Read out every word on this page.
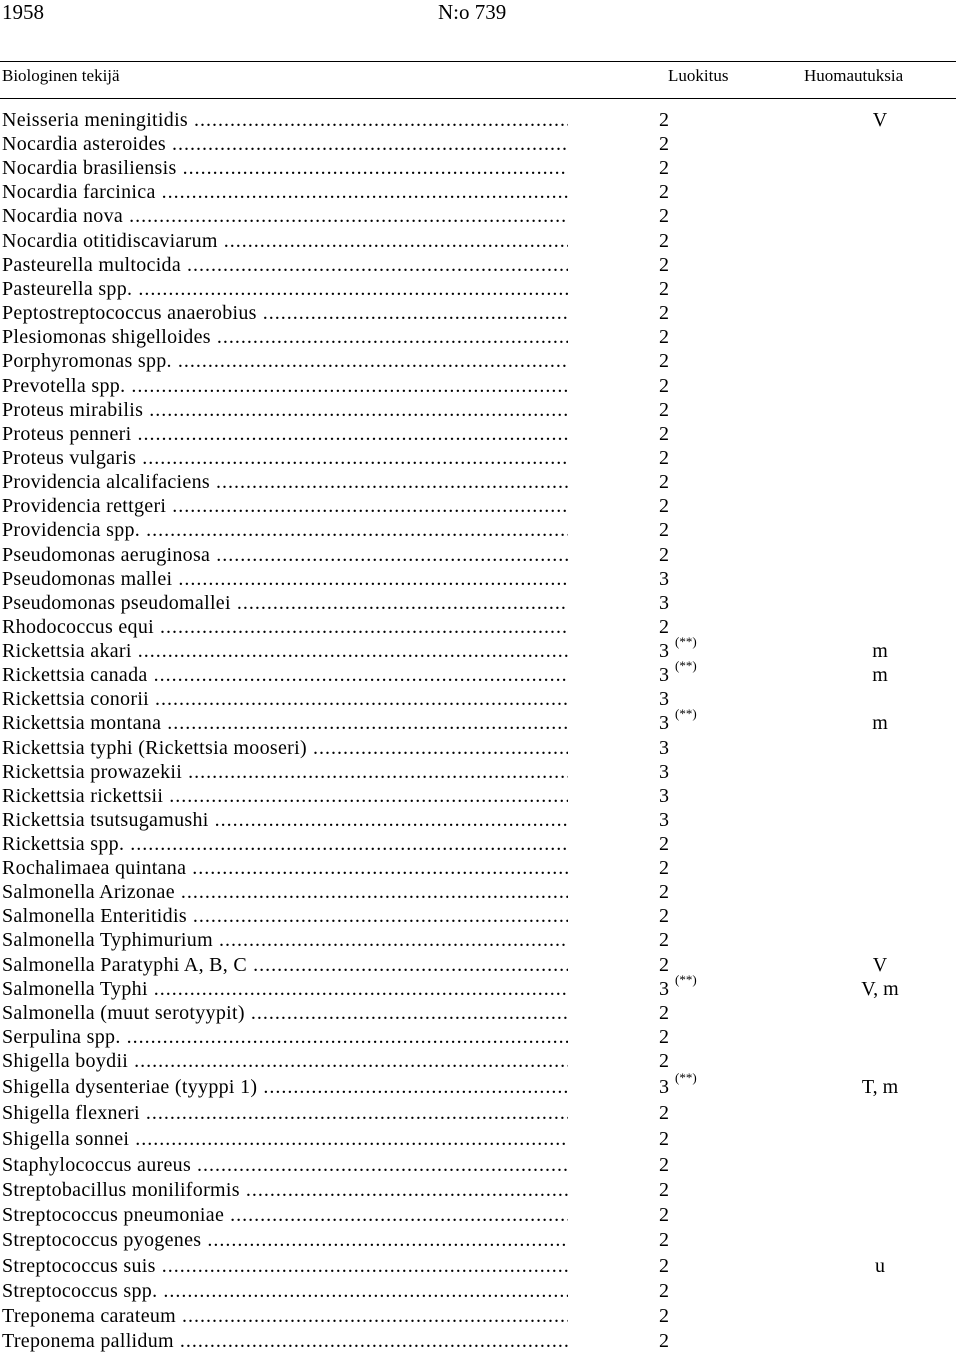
1958	N:o 739
Biologinen tekijä	Luokitus	Huomautuksia
Neisseria meningitidis .....	2	V
Nocardia asteroides .....	2
Nocardia brasiliensis .....	2
Nocardia farcinica .....	2
Nocardia nova .....	2
Nocardia otitidiscaviarum .....	2
Pasteurella multocida .....	2
Pasteurella spp. .....	2
Peptostreptococcus anaerobius .....	2
Plesiomonas shigelloides .....	2
Porphyromonas spp. .....	2
Prevotella spp. .....	2
Proteus mirabilis .....	2
Proteus penneri .....	2
Proteus vulgaris .....	2
Providencia alcalifaciens .....	2
Providencia rettgeri .....	2
Providencia spp. .....	2
Pseudomonas aeruginosa .....	2
Pseudomonas mallei .....	3
Pseudomonas pseudomallei .....	3
Rhodococcus equi .....	2
Rickettsia akari .....	3 (**)	m
Rickettsia canada .....	3 (**)	m
Rickettsia conorii .....	3
Rickettsia montana .....	3 (**)	m
Rickettsia typhi (Rickettsia mooseri) .....	3
Rickettsia prowazekii .....	3
Rickettsia rickettsii .....	3
Rickettsia tsutsugamushi .....	3
Rickettsia spp. .....	2
Rochalimaea quintana .....	2
Salmonella Arizonae .....	2
Salmonella Enteritidis .....	2
Salmonella Typhimurium .....	2
Salmonella Paratyphi A, B, C .....	2	V
Salmonella Typhi .....	3 (**)	V, m
Salmonella (muut serotyypit) .....	2
Serpulina spp. .....	2
Shigella boydii .....	2
Shigella dysenteriae (tyyppi 1) .....	3 (**)	T, m
Shigella flexneri .....	2
Shigella sonnei .....	2
Staphylococcus aureus .....	2
Streptobacillus moniliformis .....	2
Streptococcus pneumoniae .....	2
Streptococcus pyogenes .....	2
Streptococcus suis .....	2	u
Streptococcus spp. .....	2
Treponema carateum .....	2
Treponema pallidum .....	2
